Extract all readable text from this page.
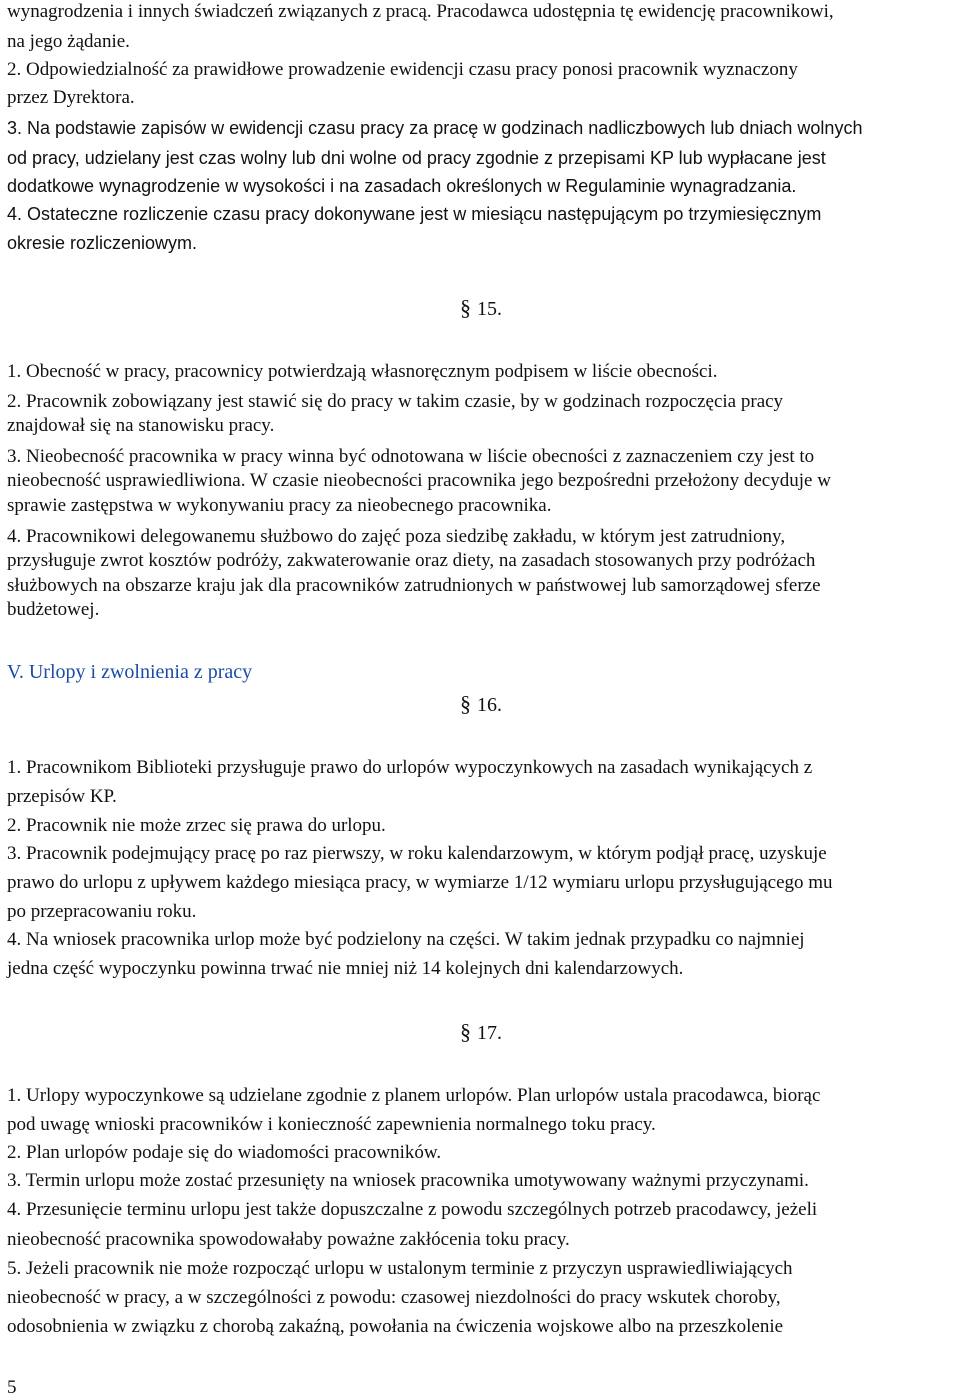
wynagrodzenia i innych świadczeń związanych z pracą. Pracodawca udostępnia tę ewidencję pracownikowi,
na jego żądanie.
2. Odpowiedzialność za prawidłowe prowadzenie ewidencji czasu pracy ponosi pracownik wyznaczony
przez Dyrektora.
3. Na podstawie zapisów w ewidencji czasu pracy za pracę w godzinach nadliczbowych lub dniach wolnych
od pracy, udzielany jest czas wolny lub dni wolne od pracy zgodnie z przepisami KP lub wypłacane jest
dodatkowe wynagrodzenie w wysokości i na zasadach określonych w Regulaminie wynagradzania.
4. Ostateczne rozliczenie czasu pracy dokonywane jest w miesiącu następującym po trzymiesięcznym
okresie rozliczeniowym.
§ 15.
1. Obecność w pracy, pracownicy potwierdzają własnoręcznym podpisem w liście obecności.
2. Pracownik zobowiązany jest stawić się do pracy w takim czasie, by w godzinach rozpoczęcia pracy
znajdował się na stanowisku pracy.
3. Nieobecność pracownika w pracy winna być odnotowana w liście obecności z zaznaczeniem czy jest to
nieobecność usprawiedliwiona. W czasie nieobecności pracownika jego bezpośredni przełożony decyduje w
sprawie zastępstwa w wykonywaniu pracy za nieobecnego pracownika.
4. Pracownikowi delegowanemu służbowo do zajęć poza siedzibę zakładu, w którym jest zatrudniony,
przysługuje zwrot kosztów podróży, zakwaterowanie oraz diety, na zasadach stosowanych przy podróżach
służbowych na obszarze kraju jak dla pracowników zatrudnionych w państwowej lub samorządowej sferze
budżetowej.
V. Urlopy i zwolnienia z pracy
§ 16.
1. Pracownikom Biblioteki przysługuje prawo do urlopów wypoczynkowych na zasadach wynikających z
przepisów KP.
2. Pracownik nie może zrzec się prawa do urlopu.
3. Pracownik podejmujący pracę po raz pierwszy, w roku kalendarzowym, w którym podjął pracę, uzyskuje
prawo do urlopu z upływem każdego miesiąca pracy, w wymiarze 1/12 wymiaru urlopu przysługującego mu
po przepracowaniu roku.
4. Na wniosek pracownika urlop może być podzielony na części. W takim jednak przypadku co najmniej
jedna część wypoczynku powinna trwać nie mniej niż 14 kolejnych dni kalendarzowych.
§ 17.
1. Urlopy wypoczynkowe są udzielane zgodnie z planem urlopów. Plan urlopów ustala pracodawca, biorąc
pod uwagę wnioski pracowników i konieczność zapewnienia normalnego toku pracy.
2. Plan urlopów podaje się do wiadomości pracowników.
3. Termin urlopu może zostać przesunięty na wniosek pracownika umotywowany ważnymi przyczynami.
4. Przesunięcie terminu urlopu jest także dopuszczalne z powodu szczególnych potrzeb pracodawcy, jeżeli
nieobecność pracownika spowodowałaby poważne zakłócenia toku pracy.
5. Jeżeli pracownik nie może rozpocząć urlopu w ustalonym terminie z przyczyn usprawiedliwiających
nieobecność w pracy, a w szczególności z powodu: czasowej niezdolności do pracy wskutek choroby,
odosobnienia w związku z chorobą zakaźną, powołania na ćwiczenia wojskowe albo na przeszkolenie
5
